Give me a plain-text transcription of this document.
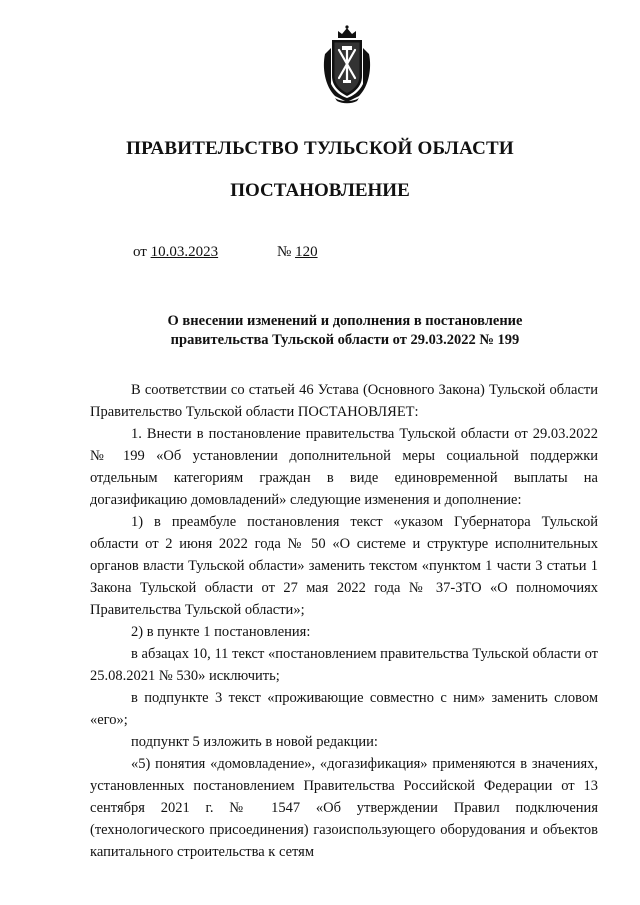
ПРАВИТЕЛЬСТВО ТУЛЬСКОЙ ОБЛАСТИ
ПОСТАНОВЛЕНИЕ
от 10.03.2023	№ 120
О внесении изменений и дополнения в постановление
правительства Тульской области от 29.03.2022 № 199

В соответствии со статьей 46 Устава (Основного Закона) Тульской области Правительство Тульской области ПОСТАНОВЛЯЕТ:

1. Внести в постановление правительства Тульской области от 29.03.2022 № 199 «Об установлении дополнительной меры социальной поддержки отдельным категориям граждан в виде единовременной выплаты на догазификацию домовладений» следующие изменения и дополнение:

1) в преамбуле постановления текст «указом Губернатора Тульской области от 2 июня 2022 года № 50 «О системе и структуре исполнительных органов власти Тульской области» заменить текстом «пунктом 1 части 3 статьи 1 Закона Тульской области от 27 мая 2022 года № 37-ЗТО «О полномочиях Правительства Тульской области»;

2) в пункте 1 постановления:

в абзацах 10, 11 текст «постановлением правительства Тульской области от 25.08.2021 № 530» исключить;

в подпункте 3 текст «проживающие совместно с ним» заменить словом «его»;

подпункт 5 изложить в новой редакции:

«5) понятия «домовладение», «догазификация» применяются в значениях, установленных постановлением Правительства Российской Федерации от 13 сентября 2021 г. № 1547 «Об утверждении Правил подключения (технологического присоединения) газоиспользующего оборудования и объектов капитального строительства к сетям
